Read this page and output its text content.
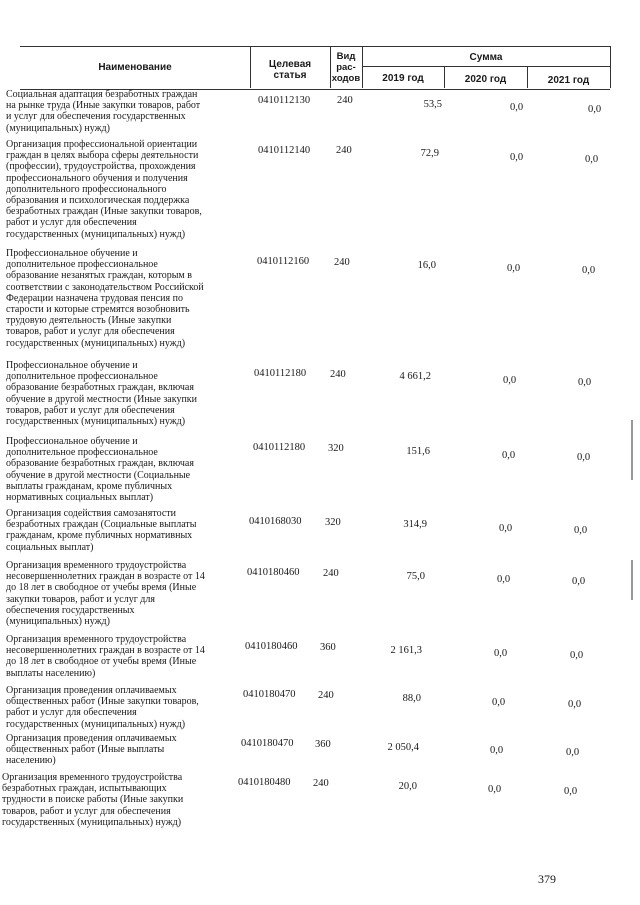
Наименование	Целевая
статья
Вид
рас-
ходов
Сумма
2019 год	2020 год	2021 год
Социальная адаптация безработных граждан
на рынке труда (Иные закупки товаров, работ
и услуг для обеспечения государственных
(муниципальных) нужд)
0410112130	240	53,5	0,0	0,0
Организация профессиональной ориентации
граждан в целях выбора сферы деятельности
(профессии), трудоустройства, прохождения
профессионального обучения и получения
дополнительного профессионального
образования и психологическая поддержка
безработных граждан (Иные закупки товаров,
работ и услуг для обеспечения
государственных (муниципальных) нужд)
0410112140 240	72,9	0,0	0,0
Профессиональное обучение и
дополнительное профессиональное
образование незанятых граждан, которым в
соответствии с законодательством Российской
Федерации назначена трудовая пенсия по
старости и которые стремятся возобновить
трудовую деятельность (Иные закупки
товаров, работ и услуг для обеспечения
государственных (муниципальных) нужд)
0410112160 240	16,0	0,0	0,0
Профессиональное обучение и
дополнительное профессиональное
образование безработных граждан, включая
обучение в другой местности (Иные закупки
товаров, работ и услуг для обеспечения
государственных (муниципальных) нужд)
0410112180 240	4 661,2	0,0	0,0
Профессиональное обучение и
дополнительное профессиональное
образование безработных граждан, включая
обучение в другой местности (Социальные
выплаты гражданам, кроме публичных
нормативных социальных выплат)
0410112180 320	151,6	0,0	0,0
Организация содействия самозанятости
безработных граждан (Социальные выплаты
гражданам, кроме публичных нормативных
социальных выплат)
0410168030 320	314,9	0,0	0,0
Организация временного трудоустройства
несовершеннолетних граждан в возрасте от 14
до 18 лет в свободное от учебы время (Иные
закупки товаров, работ и услуг для
обеспечения государственных
(муниципальных) нужд)
0410180460 240	75,0	0,0	0,0
Организация временного трудоустройства
несовершеннолетних граждан в возрасте от 14
до 18 лет в свободное от учебы время (Иные
выплаты населению)
0410180460 360	2 161,3	0,0	0,0
Организация проведения оплачиваемых
общественных работ (Иные закупки товаров,
работ и услуг для обеспечения
государственных (муниципальных) нужд)
0410180470 240	88,0	0,0	0,0
Организация проведения оплачиваемых
общественных работ (Иные выплаты
населению)
0410180470 360	2 050,4	0,0	0,0
Организация временного трудоустройства
безработных граждан, испытывающих
трудности в поиске работы (Иные закупки
товаров, работ и услуг для обеспечения
государственных (муниципальных) нужд)
0410180480 240	20,0	0,0	0,0
379
